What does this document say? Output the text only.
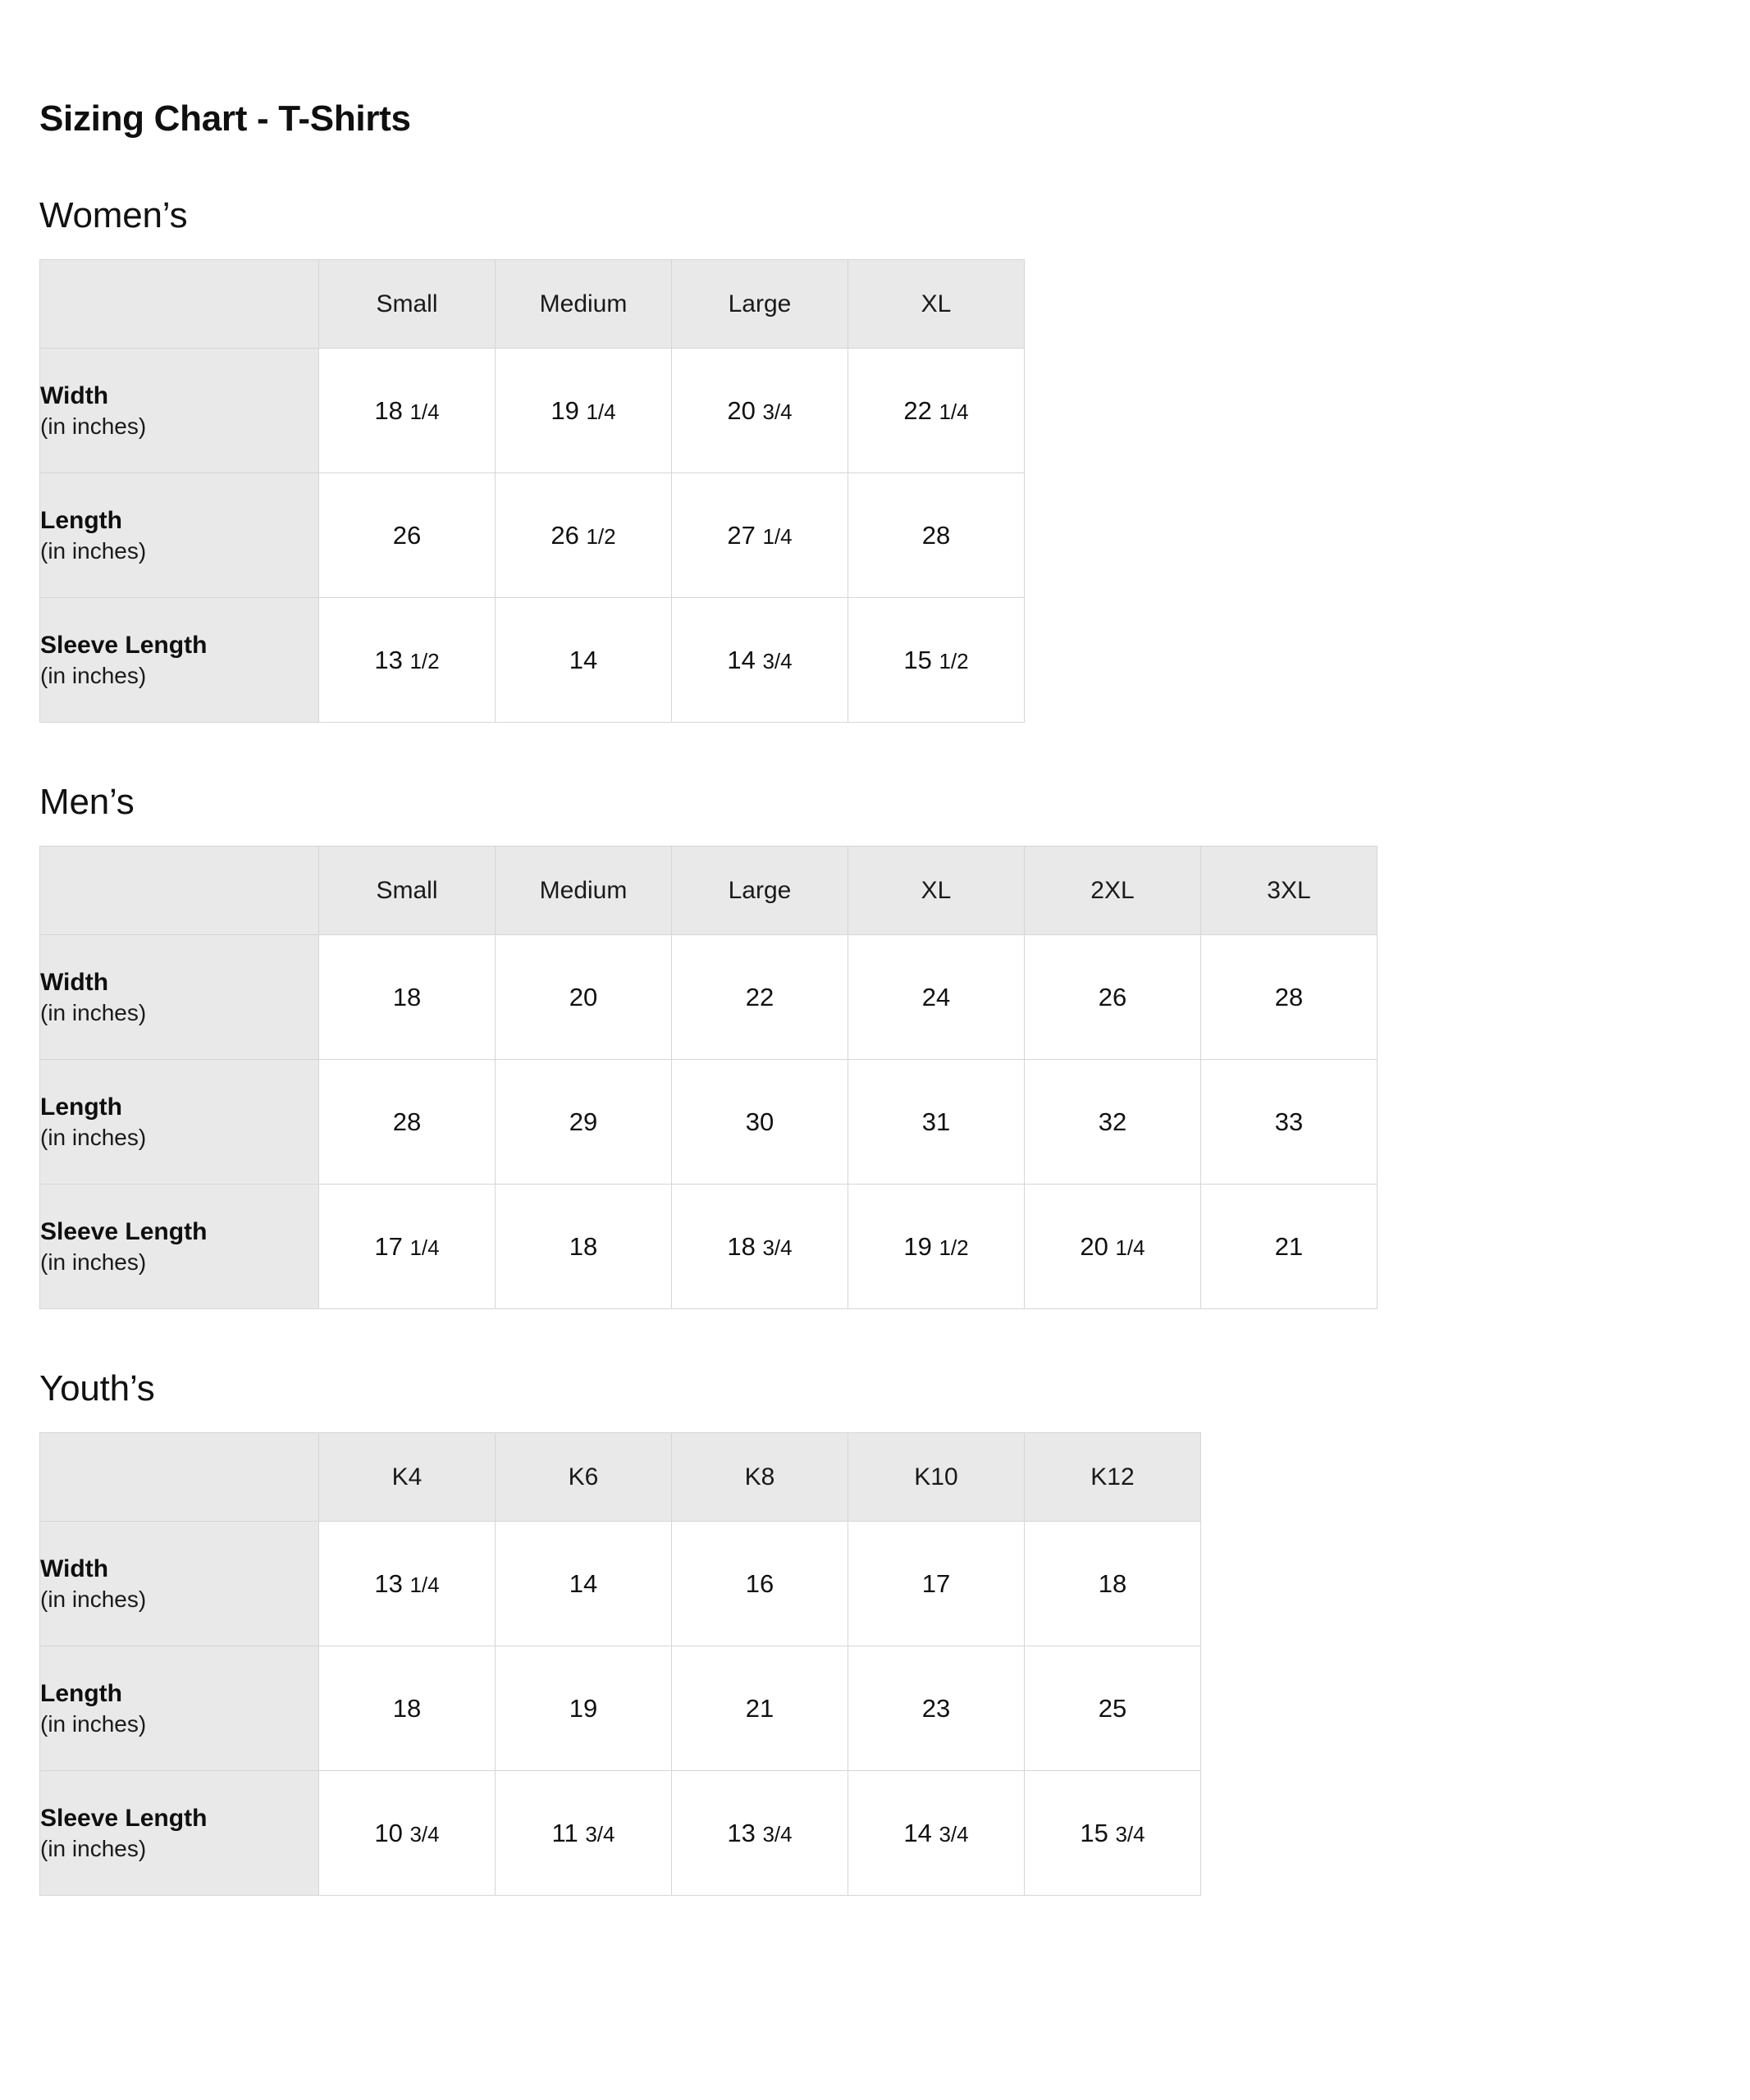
Sizing Chart - T-Shirts
Women’s
	Small	Medium	Large	XL

Width
(in inches)	18 1/4	19 1/4	20 3/4	22 1/4

Length
(in inches)	26	26 1/2	27 1/4	28

Sleeve Length
(in inches)	13 1/2	14	14 3/4	15 1/2
Men’s
	Small	Medium	Large	XL	2XL	3XL

Width
(in inches)	18	20	22	24	26	28

Length
(in inches)	28	29	30	31	32	33

Sleeve Length
(in inches)	17 1/4	18	18 3/4	19 1/2	20 1/4	21
Youth’s
	K4	K6	K8	K10	K12

Width
(in inches)	13 1/4	14	16	17	18

Length
(in inches)	18	19	21	23	25

Sleeve Length
(in inches)	10 3/4	11 3/4	13 3/4	14 3/4	15 3/4
